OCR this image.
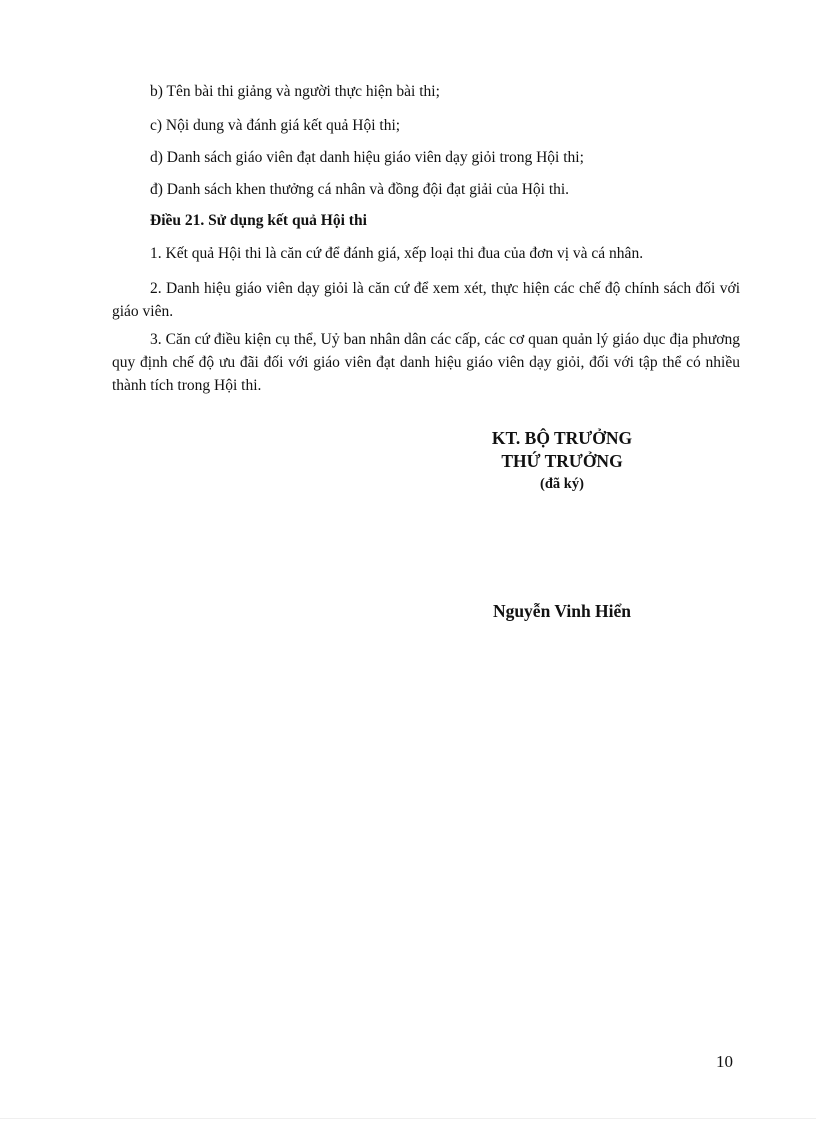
b) Tên bài thi giảng và người thực hiện bài thi;
c) Nội dung và đánh giá kết quả Hội thi;
d) Danh sách giáo viên đạt danh hiệu giáo viên dạy giỏi trong Hội thi;
đ) Danh sách khen thưởng cá nhân và đồng đội đạt giải của Hội thi.
Điều 21. Sử dụng kết quả Hội thi
1. Kết quả Hội thi là căn cứ để đánh giá, xếp loại thi đua của đơn vị và cá nhân.
2. Danh hiệu giáo viên dạy giỏi là căn cứ để xem xét, thực hiện các chế độ chính sách đối với giáo viên.
3. Căn cứ điều kiện cụ thể, Uỷ ban nhân dân các cấp, các cơ quan quản lý giáo dục địa phương quy định chế độ ưu đãi đối với giáo viên đạt danh hiệu giáo viên dạy giỏi, đối với tập thể có nhiều thành tích trong Hội thi.
KT. BỘ TRƯỞNG
THỨ TRƯỞNG
(đã ký)
Nguyễn Vinh Hiển
10
